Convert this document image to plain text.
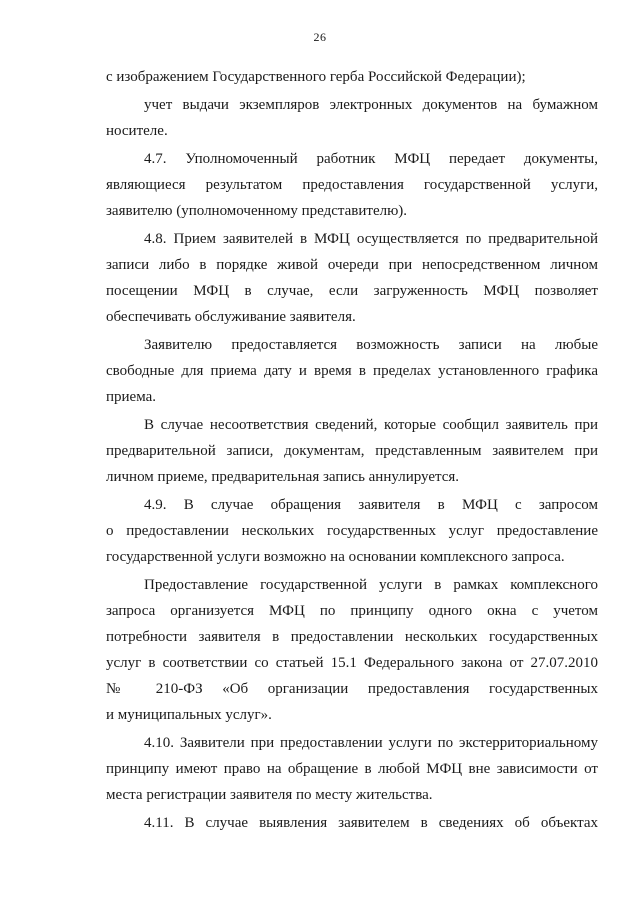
26
с изображением Государственного герба Российской Федерации);
учет выдачи экземпляров электронных документов на бумажном
носителе.
4.7. Уполномоченный работник МФЦ передает документы,
являющиеся результатом предоставления государственной услуги,
заявителю (уполномоченному представителю).
4.8. Прием заявителей в МФЦ осуществляется по предварительной
записи либо в порядке живой очереди при непосредственном личном
посещении МФЦ в случае, если загруженность МФЦ позволяет
обеспечивать обслуживание заявителя.
Заявителю предоставляется возможность записи на любые
свободные для приема дату и время в пределах установленного графика
приема.
В случае несоответствия сведений, которые сообщил заявитель при
предварительной записи, документам, представленным заявителем при
личном приеме, предварительная запись аннулируется.
4.9. В случае обращения заявителя в МФЦ с запросом
о предоставлении нескольких государственных услуг предоставление
государственной услуги возможно на основании комплексного запроса.
Предоставление государственной услуги в рамках комплексного
запроса организуется МФЦ по принципу одного окна с учетом
потребности заявителя в предоставлении нескольких государственных
услуг в соответствии со статьей 15.1 Федерального закона от 27.07.2010
№ 210-ФЗ «Об организации предоставления государственных
и муниципальных услуг».
4.10. Заявители при предоставлении услуги по экстерриториальному
принципу имеют право на обращение в любой МФЦ вне зависимости от
места регистрации заявителя по месту жительства.
4.11. В случае выявления заявителем в сведениях об объектах
